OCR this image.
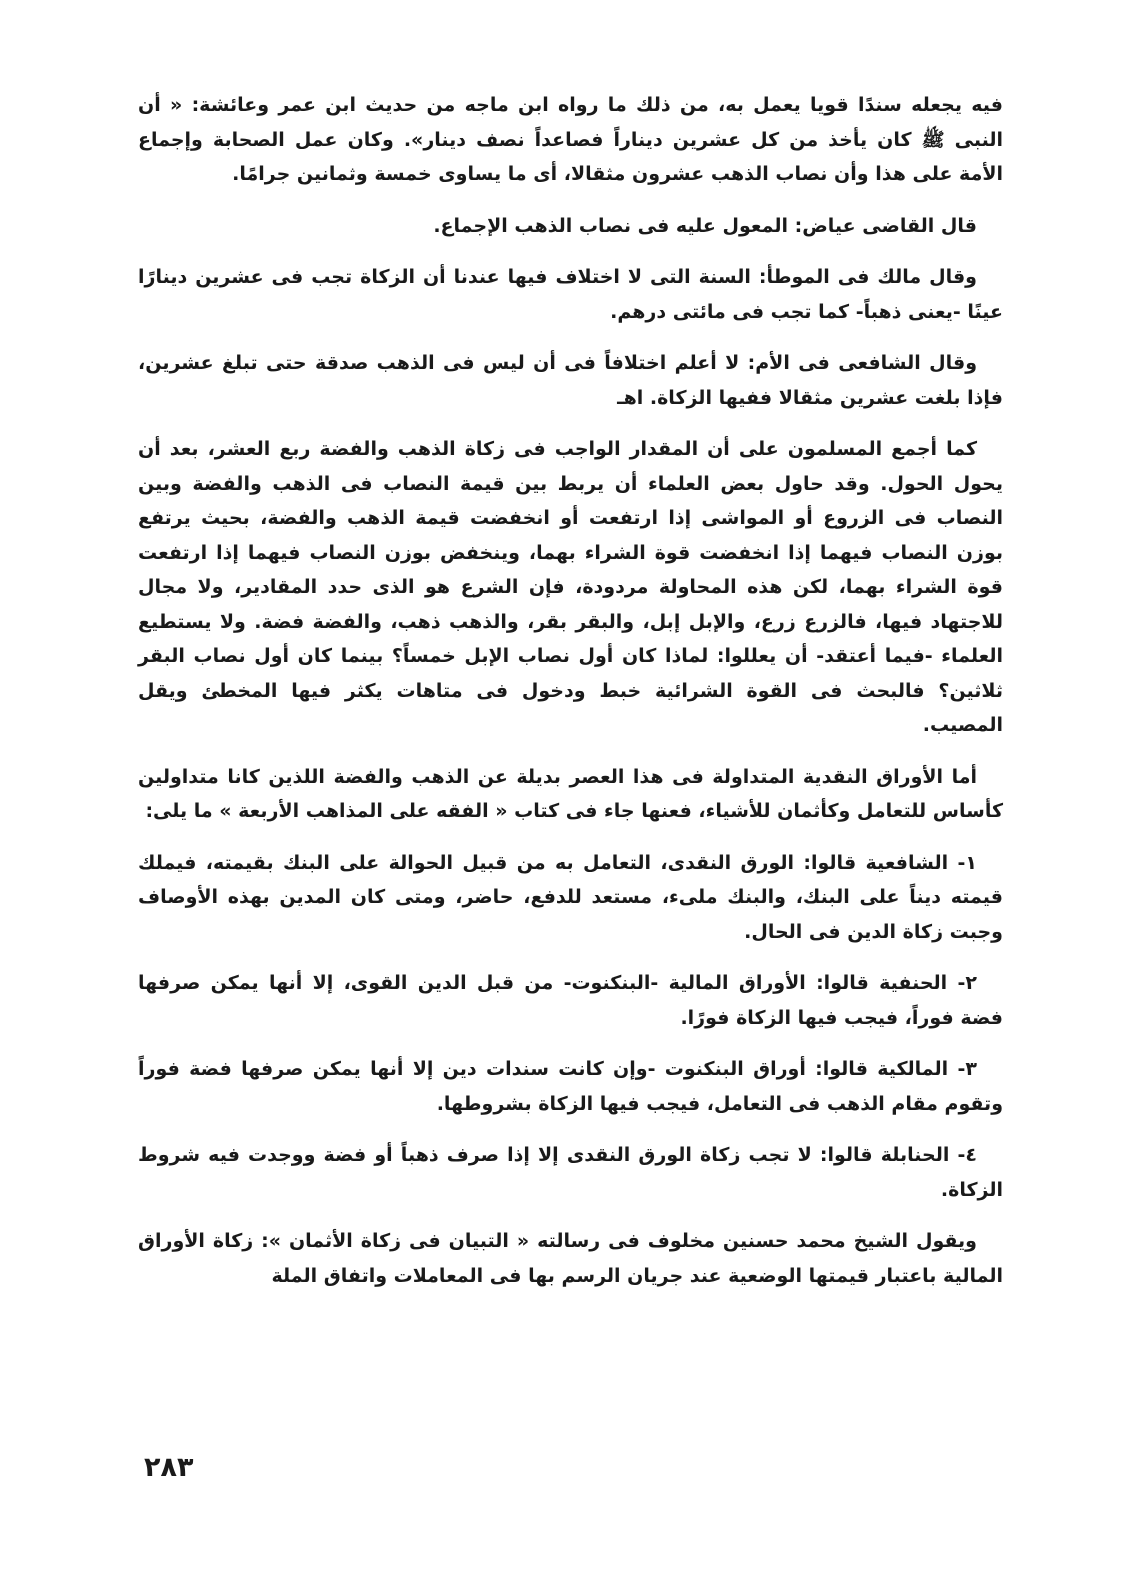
فيه يجعله سندًا قويا يعمل به، من ذلك ما رواه ابن ماجه من حديث ابن عمر وعائشة: « أن النبى ﷺ كان يأخذ من كل عشرين ديناراً فصاعداً نصف دينار». وكان عمل الصحابة وإجماع الأمة على هذا وأن نصاب الذهب عشرون مثقالا، أى ما يساوى خمسة وثمانين جرامًا.

قال القاضى عياض: المعول عليه فى نصاب الذهب الإجماع.

وقال مالك فى الموطأ: السنة التى لا اختلاف فيها عندنا أن الزكاة تجب فى عشرين دينارًا عينًا -يعنى ذهباً- كما تجب فى مائتى درهم.

وقال الشافعى فى الأم: لا أعلم اختلافاً فى أن ليس فى الذهب صدقة حتى تبلغ عشرين، فإذا بلغت عشرين مثقالا ففيها الزكاة. اهـ

كما أجمع المسلمون على أن المقدار الواجب فى زكاة الذهب والفضة ربع العشر، بعد أن يحول الحول. وقد حاول بعض العلماء أن يربط بين قيمة النصاب فى الذهب والفضة وبين النصاب فى الزروع أو المواشى إذا ارتفعت أو انخفضت قيمة الذهب والفضة، بحيث يرتفع بوزن النصاب فيهما إذا انخفضت قوة الشراء بهما، وينخفض بوزن النصاب فيهما إذا ارتفعت قوة الشراء بهما، لكن هذه المحاولة مردودة، فإن الشرع هو الذى حدد المقادير، ولا مجال للاجتهاد فيها، فالزرع زرع، والإبل إبل، والبقر بقر، والذهب ذهب، والفضة فضة. ولا يستطيع العلماء -فيما أعتقد- أن يعللوا: لماذا كان أول نصاب الإبل خمساً؟ بينما كان أول نصاب البقر ثلاثين؟ فالبحث فى القوة الشرائية خبط ودخول فى متاهات يكثر فيها المخطئ ويقل المصيب.

أما الأوراق النقدية المتداولة فى هذا العصر بديلة عن الذهب والفضة اللذين كانا متداولين كأساس للتعامل وكأثمان للأشياء، فعنها جاء فى كتاب « الفقه على المذاهب الأربعة » ما يلى:

١- الشافعية قالوا: الورق النقدى، التعامل به من قبيل الحوالة على البنك بقيمته، فيملك قيمته ديناً على البنك، والبنك ملىء، مستعد للدفع، حاضر، ومتى كان المدين بهذه الأوصاف وجبت زكاة الدين فى الحال.

٢- الحنفية قالوا: الأوراق المالية -البنكنوت- من قبل الدين القوى، إلا أنها يمكن صرفها فضة فوراً، فيجب فيها الزكاة فورًا.

٣- المالكية قالوا: أوراق البنكنوت -وإن كانت سندات دين إلا أنها يمكن صرفها فضة فوراً وتقوم مقام الذهب فى التعامل، فيجب فيها الزكاة بشروطها.

٤- الحنابلة قالوا: لا تجب زكاة الورق النقدى إلا إذا صرف ذهباً أو فضة ووجدت فيه شروط الزكاة.

ويقول الشيخ محمد حسنين مخلوف فى رسالته « التبيان فى زكاة الأثمان »: زكاة الأوراق المالية باعتبار قيمتها الوضعية عند جريان الرسم بها فى المعاملات واتفاق الملة

٢٨٣
